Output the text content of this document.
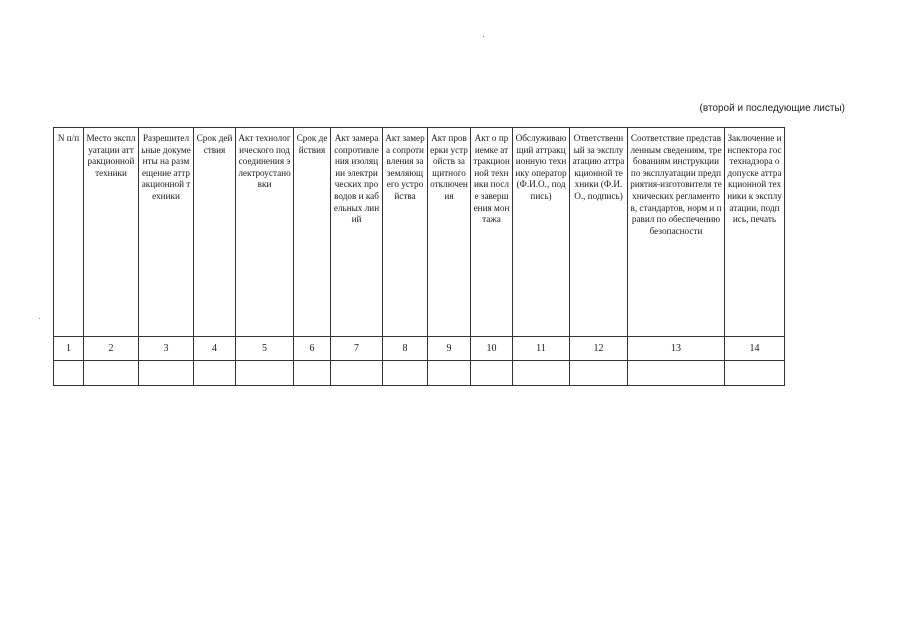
(второй и последующие листы)
N п/п	Место эксплуатации аттракционной техники	Разрешительные документы на размещение аттракционной техники	Срок действия	Акт технологического подсоединения электроустановки	Срок действия	Акт замера сопротивления изоляции электрических проводов и кабельных линий	Акт замера сопротивления заземляющего устройства	Акт проверки устройств защитного отключения	Акт о приемке аттракционной техники после завершения монтажа	Обслуживающий аттракционную технику оператор (Ф.И.О., подпись)	Ответственный за эксплуатацию аттракционной техники (Ф.И.О., подпись)	Соответствие представленным сведениям, требованиям инструкции по эксплуатации предприятия-изготовителя технических регламентов, стандартов, норм и правил по обеспечению безопасности	Заключение инспектора гостехнадзора о допуске аттракционной техники к эксплуатации, подпись, печать
1	2	3	4	5	6	7	8	9	10	11	12	13	14
